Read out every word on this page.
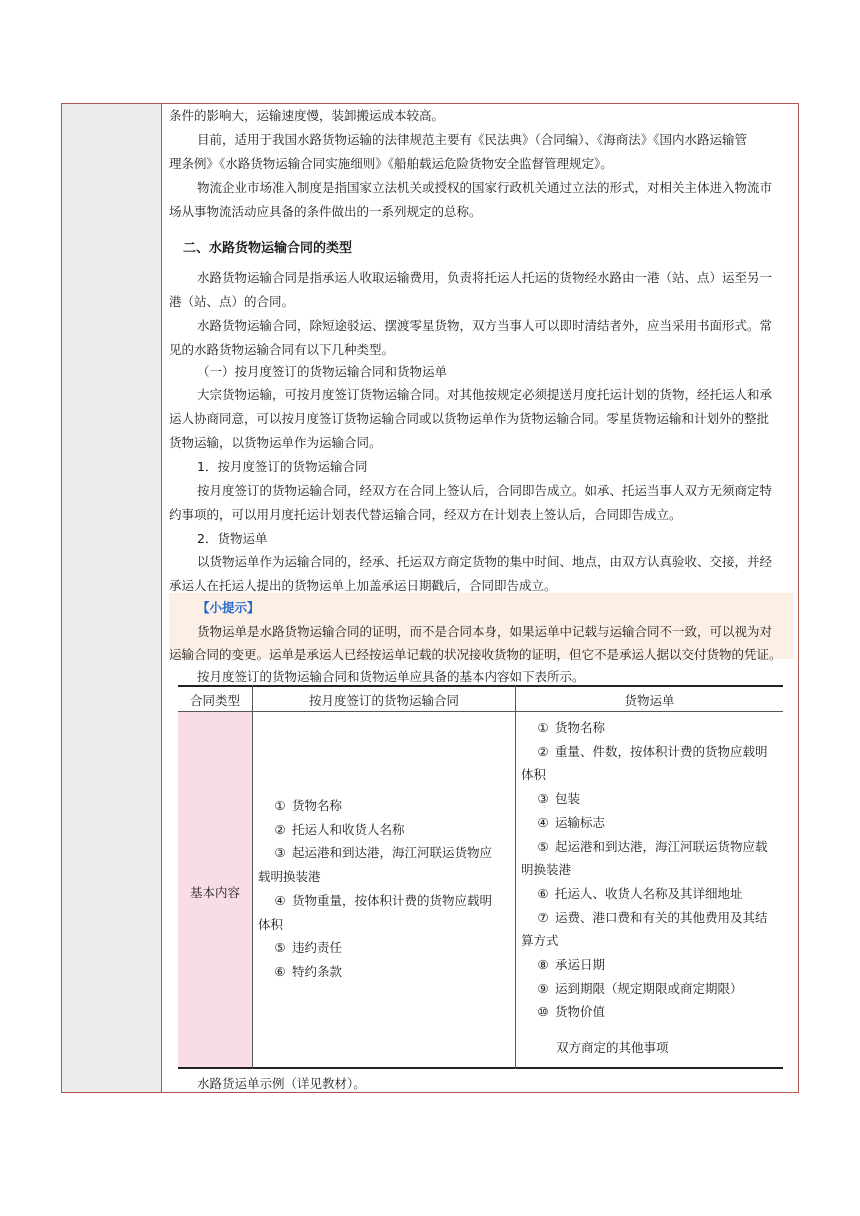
条件的影响大，运输速度慢，装卸搬运成本较高。
目前，适用于我国水路货物运输的法律规范主要有《民法典》（合同编）、《海商法》《国内水路运输管
理条例》《水路货物运输合同实施细则》《船舶载运危险货物安全监督管理规定》。
物流企业市场准入制度是指国家立法机关或授权的国家行政机关通过立法的形式，对相关主体进入物流市
场从事物流活动应具备的条件做出的一系列规定的总称。
二、水路货物运输合同的类型
水路货物运输合同是指承运人收取运输费用，负责将托运人托运的货物经水路由一港（站、点）运至另一
港（站、点）的合同。
水路货物运输合同，除短途驳运、摆渡零星货物，双方当事人可以即时清结者外，应当采用书面形式。常
见的水路货物运输合同有以下几种类型。
（一）按月度签订的货物运输合同和货物运单
大宗货物运输，可按月度签订货物运输合同。对其他按规定必须提送月度托运计划的货物，经托运人和承
运人协商同意，可以按月度签订货物运输合同或以货物运单作为货物运输合同。零星货物运输和计划外的整批
货物运输，以货物运单作为运输合同。
1．按月度签订的货物运输合同
按月度签订的货物运输合同，经双方在合同上签认后，合同即告成立。如承、托运当事人双方无须商定特
约事项的，可以用月度托运计划表代替运输合同，经双方在计划表上签认后，合同即告成立。
2．货物运单
以货物运单作为运输合同的，经承、托运双方商定货物的集中时间、地点，由双方认真验收、交接，并经
承运人在托运人提出的货物运单上加盖承运日期戳后，合同即告成立。
【小提示】
货物运单是水路货物运输合同的证明，而不是合同本身，如果运单中记载与运输合同不一致，可以视为对
运输合同的变更。运单是承运人已经按运单记载的状况接收货物的证明，但它不是承运人据以交付货物的凭证。
按月度签订的货物运输合同和货物运单应具备的基本内容如下表所示。
合同类型	按月度签订的货物运输合同	货物运单
基本内容
① 货物名称
② 托运人和收货人名称
③ 起运港和到达港，海江河联运货物应
载明换装港
④ 货物重量，按体积计费的货物应载明
体积
⑤ 违约责任
⑥ 特约条款
① 货物名称
② 重量、件数，按体积计费的货物应载明
体积
③ 包装
④ 运输标志
⑤ 起运港和到达港，海江河联运货物应载
明换装港
⑥ 托运人、收货人名称及其详细地址
⑦ 运费、港口费和有关的其他费用及其结
算方式
⑧ 承运日期
⑨ 运到期限（规定期限或商定期限）
⑩ 货物价值
双方商定的其他事项
水路货运单示例（详见教材）。
